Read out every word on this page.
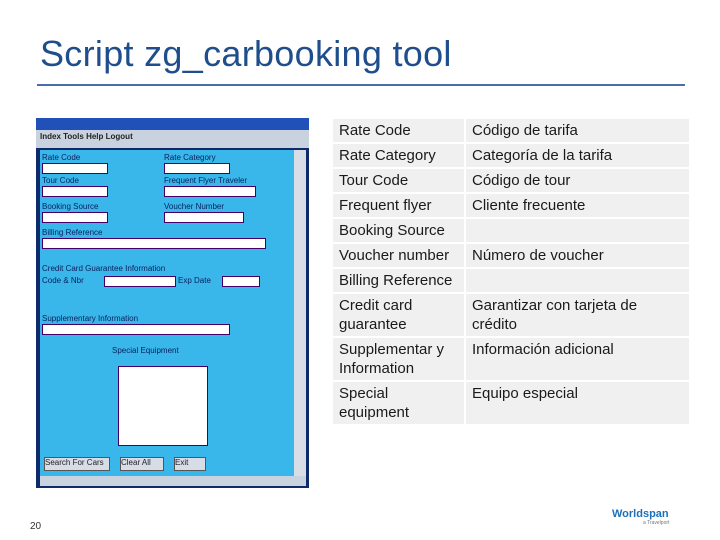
Script zg_carbooking tool
Index Tools Help Logout
Rate Code	Rate Category
Tour Code	Frequent Flyer Traveler
Booking Source	Voucher Number
Billing Reference
Credit Card Guarantee Information
Code & Nbr	Exp Date
Supplementary Information
Special Equipment
Search For Cars	Clear All	Exit
Rate Code	Código de tarifa
Rate Category	Categoría de la tarifa
Tour Code	Código de tour
Frequent flyer	Cliente frecuente
Booking Source	
Voucher number	Número de voucher
Billing Reference	
Credit card guarantee	Garantizar con tarjeta de crédito
Supplementar y Information	Información adicional
Special equipment	Equipo especial
20
Worldspan
a Travelport
